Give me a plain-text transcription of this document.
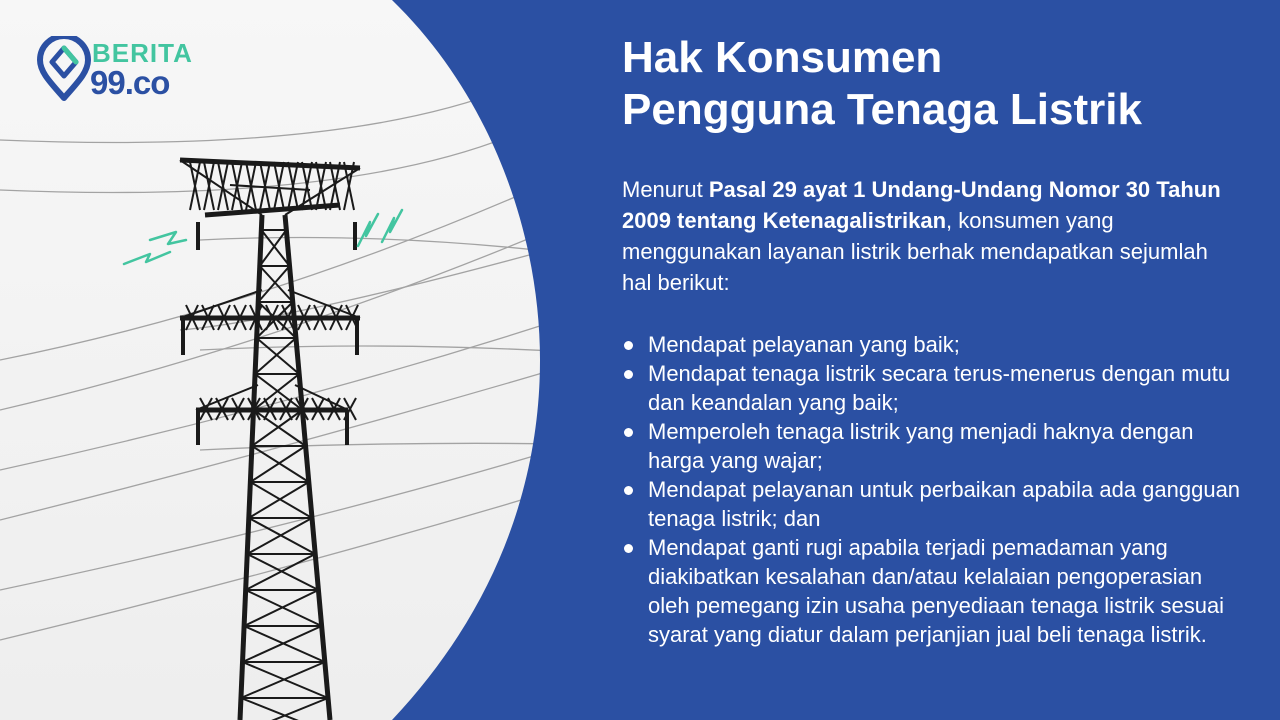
BERITA
99.co
Hak Konsumen
Pengguna Tenaga Listrik

Menurut Pasal 29 ayat 1 Undang-Undang Nomor 30 Tahun 2009 tentang Ketenagalistrikan, konsumen yang menggunakan layanan listrik berhak mendapatkan sejumlah hal berikut:

Mendapat pelayanan yang baik;
Mendapat tenaga listrik secara terus-menerus dengan mutu dan keandalan yang baik;
Memperoleh tenaga listrik yang menjadi haknya dengan harga yang wajar;
Mendapat pelayanan untuk perbaikan apabila ada gangguan tenaga listrik; dan
Mendapat ganti rugi apabila terjadi pemadaman yang diakibatkan kesalahan dan/atau kelalaian pengoperasian oleh pemegang izin usaha penyediaan tenaga listrik sesuai syarat yang diatur dalam perjanjian jual beli tenaga listrik.
